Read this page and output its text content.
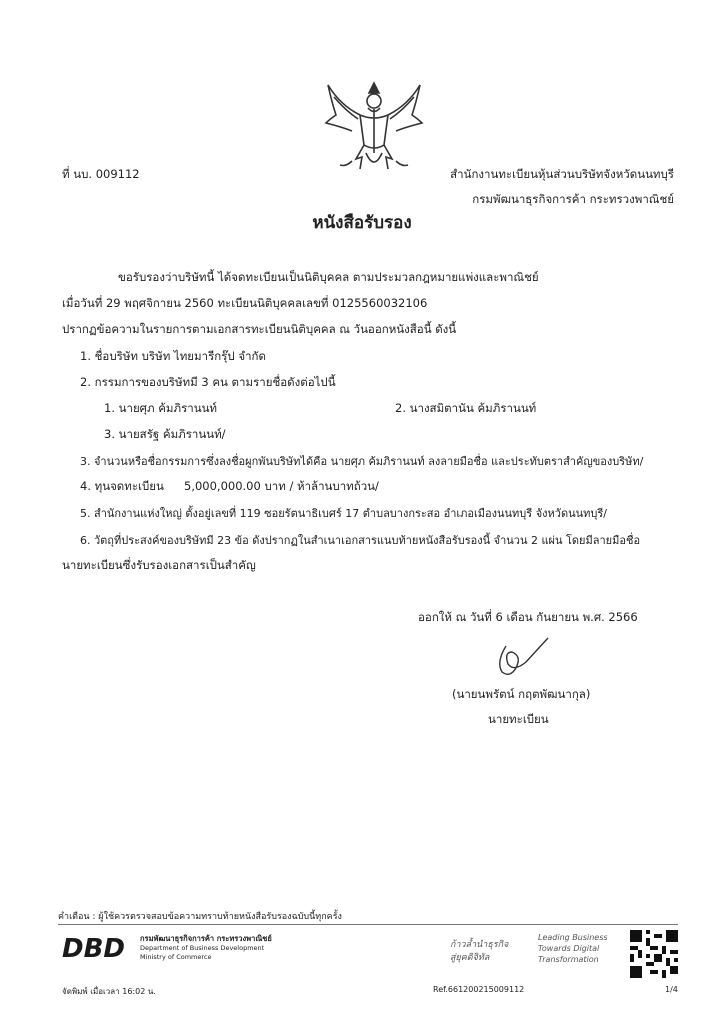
ที่ นบ. 009112	สำนักงานทะเบียนหุ้นส่วนบริษัทจังหวัดนนทบุรี
กรมพัฒนาธุรกิจการค้า กระทรวงพาณิชย์
หนังสือรับรอง
ขอรับรองว่าบริษัทนี้ ได้จดทะเบียนเป็นนิติบุคคล ตามประมวลกฎหมายแพ่งและพาณิชย์
เมื่อวันที่ 29 พฤศจิกายน 2560 ทะเบียนนิติบุคคลเลขที่ 0125560032106
ปรากฏข้อความในรายการตามเอกสารทะเบียนนิติบุคคล ณ วันออกหนังสือนี้ ดังนี้
1. ชื่อบริษัท บริษัท ไทยมารีกรุ๊ป จำกัด
2. กรรมการของบริษัทมี 3 คน ตามรายชื่อดังต่อไปนี้
1. นายศุภ ค้มภิรานนท์	2. นางสมิตานัน ค้มภิรานนท์
3. นายสรัฐ ค้มภิรานนท์/
3. จำนวนหรือชื่อกรรมการซึ่งลงชื่อผูกพันบริษัทได้คือ นายศุภ ค้มภิรานนท์ ลงลายมือชื่อ และประทับตราสำคัญของบริษัท/
4. ทุนจดทะเบียน 5,000,000.00 บาท / ห้าล้านบาทถ้วน/
5. สำนักงานแห่งใหญ่ ตั้งอยู่เลขที่ 119 ซอยรัตนาธิเบศร์ 17 ตำบลบางกระสอ อำเภอเมืองนนทบุรี จังหวัดนนทบุรี/
6. วัตถุที่ประสงค์ของบริษัทมี 23 ข้อ ดังปรากฏในสำเนาเอกสารแนบท้ายหนังสือรับรองนี้ จำนวน 2 แผ่น โดยมีลายมือชื่อ
นายทะเบียนซึ่งรับรองเอกสารเป็นสำคัญ
ออกให้ ณ วันที่ 6 เดือน กันยายน พ.ศ. 2566
(นายนพรัตน์ กฤตพัฒนากุล)
นายทะเบียน
คำเตือน : ผู้ใช้ควรตรวจสอบข้อความทราบท้ายหนังสือรับรองฉบับนี้ทุกครั้ง
DBD กรมพัฒนาธุรกิจการค้า กระทรวงพาณิชย์
Department of Business Development
Ministry of Commerce
ก้าวล้ำนำธุรกิจ
สู่ยุคดิจิทัล
Leading Business
Towards Digital
Transformation
จัดพิมพ์ เมื่อเวลา 16:02 น.	Ref.661200215009112	1/4
